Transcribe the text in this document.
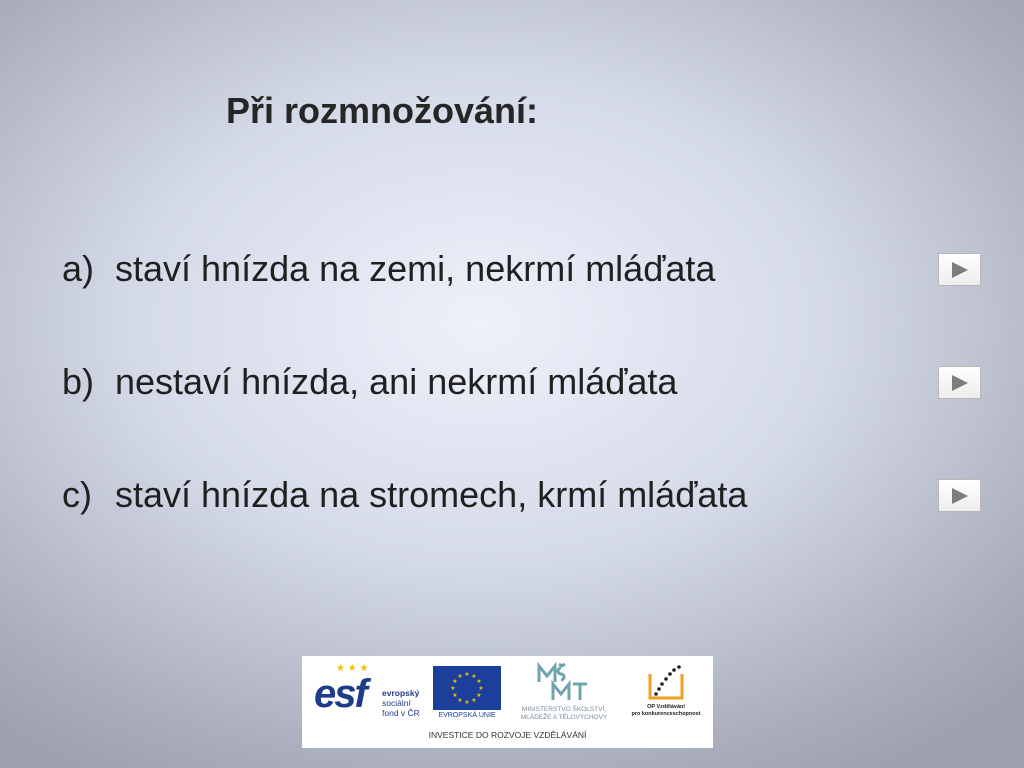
Při rozmnožování:
a) staví hnízda na zemi, nekrmí mláďata
b) nestaví hnízda, ani nekrmí mláďata
c) staví hnízda na stromech, krmí mláďata
★ ★ ★
esf evropský
sociální
fond v ČR
★ ★
★
★
★
★
★
★
★
★
★
★
EVROPSKÁ UNIE
MINISTERSTVO ŠKOLSTVÍ,
MLÁDEŽE A TĚLOVÝCHOVY
OP Vzdělávání
pro konkurenceschopnost
INVESTICE DO ROZVOJE VZDĚLÁVÁNÍ
